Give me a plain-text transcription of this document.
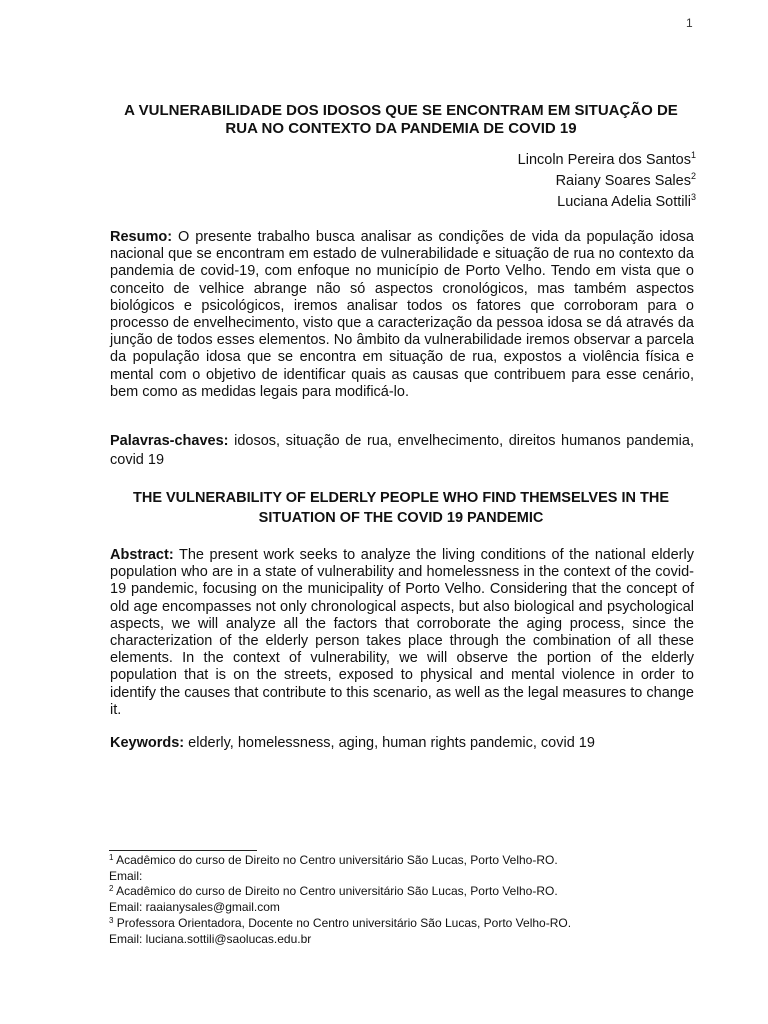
1
A VULNERABILIDADE DOS IDOSOS QUE SE ENCONTRAM EM SITUAÇÃO DE RUA NO CONTEXTO DA PANDEMIA DE COVID 19
Lincoln Pereira dos Santos$^1$
Raiany Soares Sales$^2$
Luciana Adelia Sottili$^3$
Resumo: O presente trabalho busca analisar as condições de vida da população idosa nacional que se encontram em estado de vulnerabilidade e situação de rua no contexto da pandemia de covid-19, com enfoque no município de Porto Velho. Tendo em vista que o conceito de velhice abrange não só aspectos cronológicos, mas também aspectos biológicos e psicológicos, iremos analisar todos os fatores que corroboram para o processo de envelhecimento, visto que a caracterização da pessoa idosa se dá através da junção de todos esses elementos. No âmbito da vulnerabilidade iremos observar a parcela da população idosa que se encontra em situação de rua, expostos a violência física e mental com o objetivo de identificar quais as causas que contribuem para esse cenário, bem como as medidas legais para modificá-lo.
Palavras-chaves: idosos, situação de rua, envelhecimento, direitos humanos pandemia, covid 19
THE VULNERABILITY OF ELDERLY PEOPLE WHO FIND THEMSELVES IN THE SITUATION OF THE COVID 19 PANDEMIC
Abstract: The present work seeks to analyze the living conditions of the national elderly population who are in a state of vulnerability and homelessness in the context of the covid-19 pandemic, focusing on the municipality of Porto Velho. Considering that the concept of old age encompasses not only chronological aspects, but also biological and psychological aspects, we will analyze all the factors that corroborate the aging process, since the characterization of the elderly person takes place through the combination of all these elements. In the context of vulnerability, we will observe the portion of the elderly population that is on the streets, exposed to physical and mental violence in order to identify the causes that contribute to this scenario, as well as the legal measures to change it.
Keywords: elderly, homelessness, aging, human rights pandemic, covid 19
$^1$ Acadêmico do curso de Direito no Centro universitário São Lucas, Porto Velho-RO.
Email:
$^2$ Acadêmico do curso de Direito no Centro universitário São Lucas, Porto Velho-RO.
Email: raaianysales@gmail.com
$^3$ Professora Orientadora, Docente no Centro universitário São Lucas, Porto Velho-RO.
Email: luciana.sottili@saolucas.edu.br
